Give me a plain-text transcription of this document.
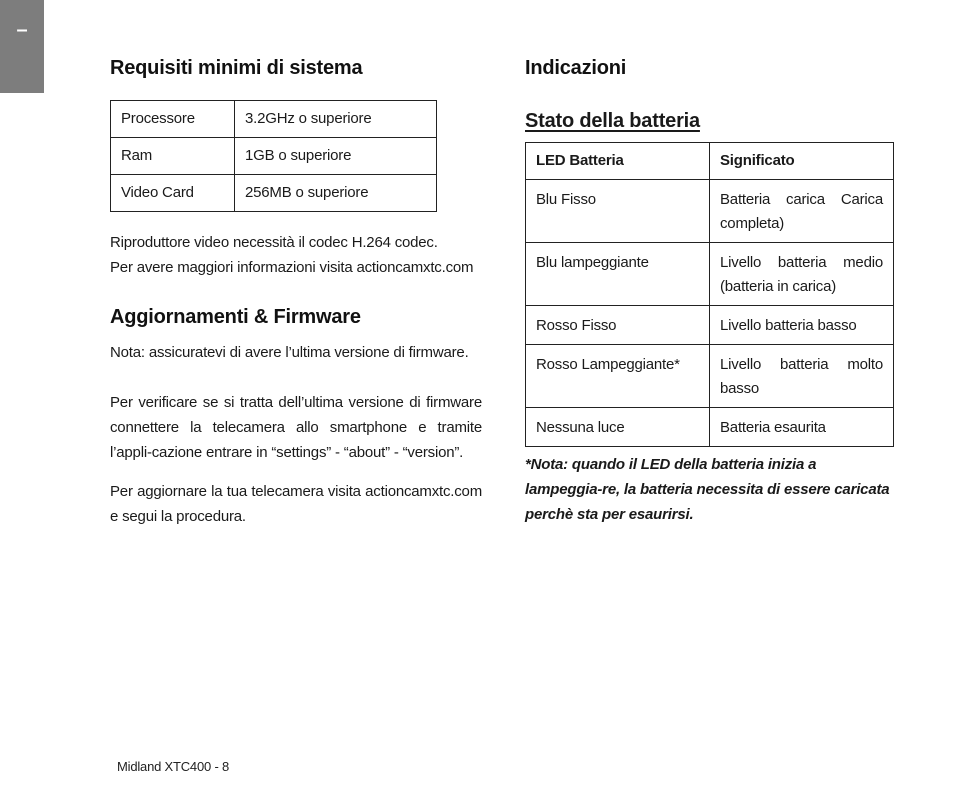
–
Requisiti minimi di sistema
Processore	3.2GHz o superiore
Ram	1GB o superiore
Video Card	256MB o superiore

Riproduttore video necessità il codec H.264 codec.
Per avere maggiori informazioni visita actioncamxtc.com

Aggiornamenti & Firmware

Nota: assicuratevi di avere l’ultima versione di firmware.

Per verificare se si tratta dell’ultima versione di firmware connettere la telecamera allo smartphone e tramite l’appli-cazione entrare in “settings” - “about” - “version”.

Per aggiornare la tua telecamera visita actioncamxtc.com e segui la procedura.

Indicazioni
Stato della batteria
LED Batteria	Significato
Blu Fisso	Batteria carica Carica completa)
Blu lampeggiante	Livello batteria medio (batteria in carica)
Rosso Fisso	Livello batteria basso
Rosso Lampeggiante*	Livello batteria molto basso
Nessuna luce	Batteria esaurita

*Nota: quando il LED della batteria inizia a lampeggia-re, la batteria necessita di essere caricata perchè sta per esaurirsi.

Midland XTC400 - 8
